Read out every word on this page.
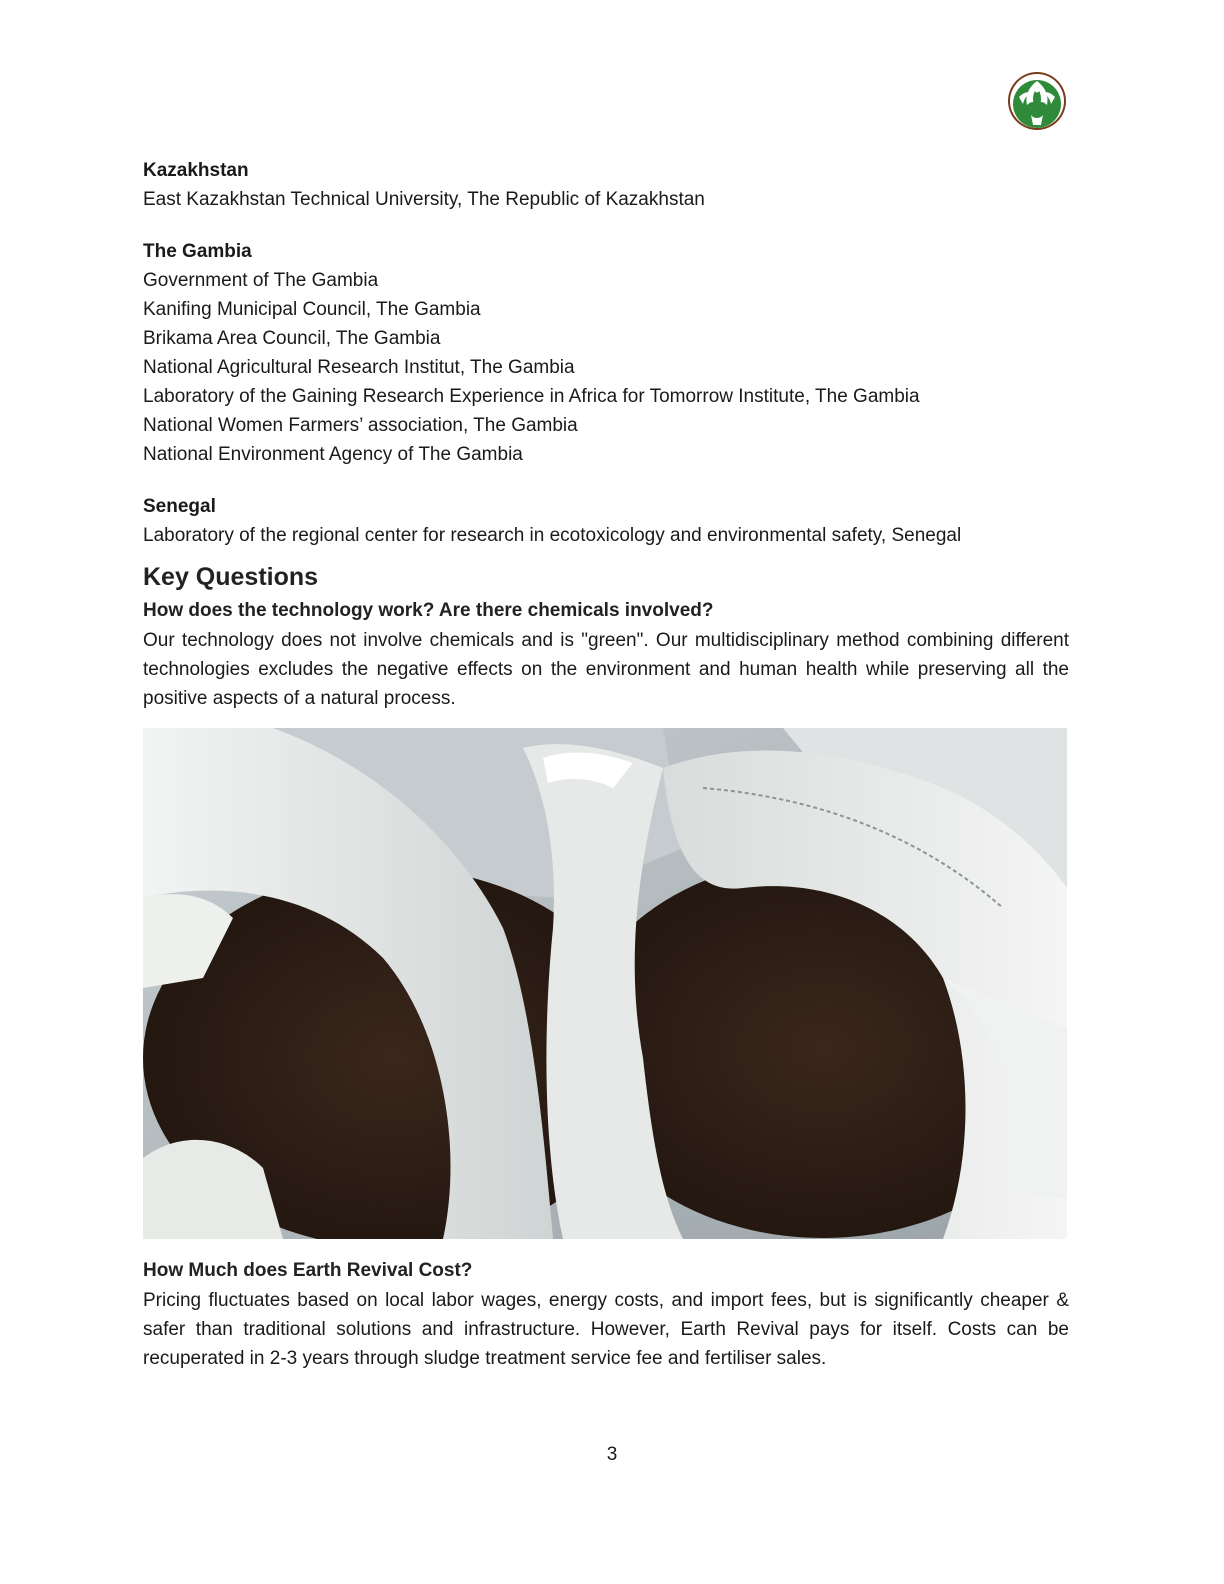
Kazakhstan

East Kazakhstan Technical University, The Republic of Kazakhstan

The Gambia

Government of The Gambia

Kanifing Municipal Council, The Gambia

Brikama Area Council, The Gambia

National Agricultural Research Institut, The Gambia

Laboratory of the Gaining Research Experience in Africa for Tomorrow Institute, The Gambia

National Women Farmers’ association, The Gambia

National Environment Agency of The Gambia

Senegal

Laboratory of the regional center for research in ecotoxicology and environmental safety, Senegal

Key Questions
How does the technology work? Are there chemicals involved?

Our technology does not involve chemicals and is "green". Our multidisciplinary method combining different technologies excludes the negative effects on the environment and human health while preserving all the positive aspects of a natural process.

How Much does Earth Revival Cost?

Pricing fluctuates based on local labor wages, energy costs, and import fees, but is significantly cheaper & safer than traditional solutions and infrastructure. However, Earth Revival pays for itself. Costs can be recuperated in 2-3 years through sludge treatment service fee and fertiliser sales.

3
